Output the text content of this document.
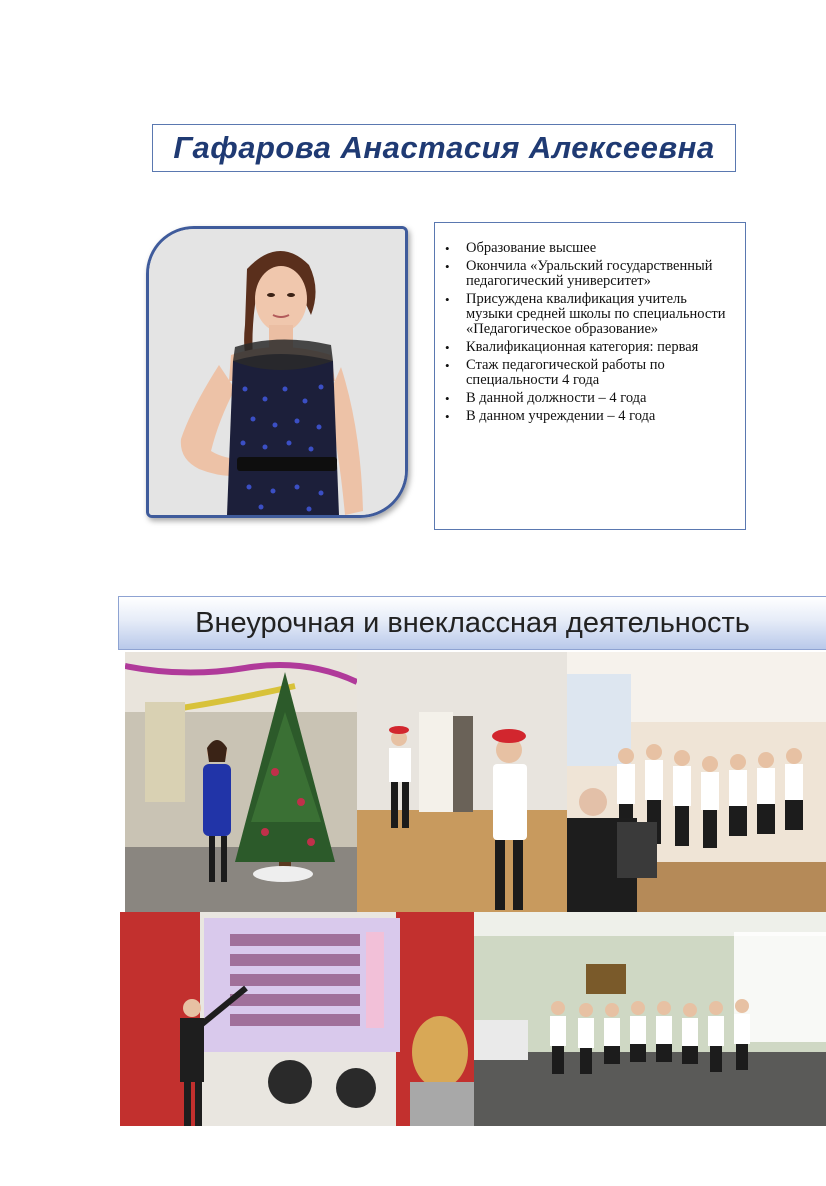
Гафарова Анастасия Алексеевна
• Образование высшее
• Окончила «Уральский государственный педагогический университет»
• Присуждена квалификация учитель музыки средней школы по специальности «Педагогическое образование»
• Квалификационная категория: первая
• Стаж педагогической работы по специальности 4 года
• В данной должности – 4 года
• В данном учреждении – 4 года
Внеурочная и внеклассная деятельность
